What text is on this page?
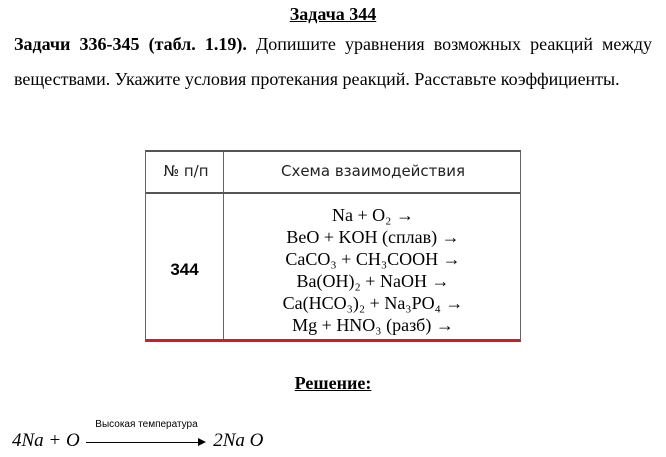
Задача 344
Задачи 336-345 (табл. 1.19). Допишите уравнения возможных реакций между веществами. Укажите условия протекания реакций. Расставьте коэффициенты.
№ п/п	Схема взаимодействия
344
Na + O₂ →
BeO + KOH (сплав) →
CaCO₃ + CH₃COOH →
Ba(OH)₂ + NaOH →
Ca(HCO₃)₂ + Na₃PO₄ →
Mg + HNO₃ (разб) →
Решение:
4Na + O
Высокая температура
2Na O
